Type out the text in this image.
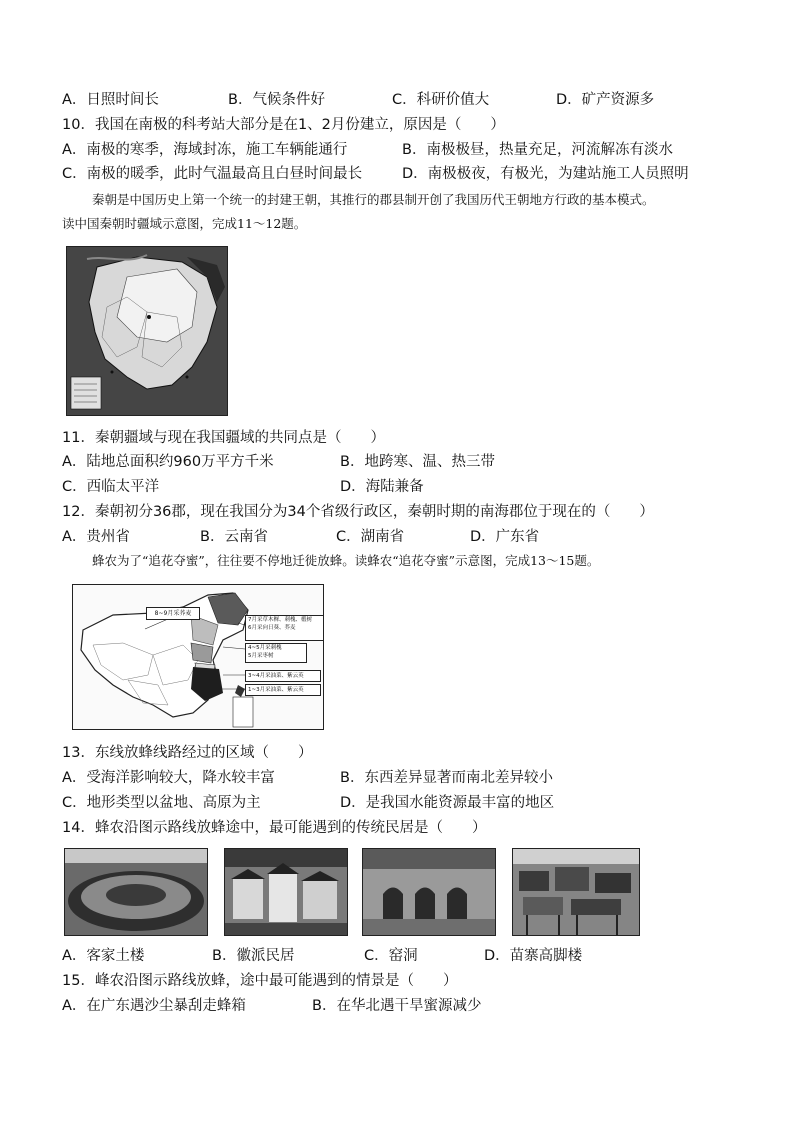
A．日照时间长	B．气候条件好	C．科研价值大	D．矿产资源多
10．我国在南极的科考站大部分是在1、2月份建立，原因是（　　）
A．南极的寒季，海域封冻，施工车辆能通行	B．南极极昼，热量充足，河流解冻有淡水
C．南极的暖季，此时气温最高且白昼时间最长	D．南极极夜，有极光，为建站施工人员照明
秦朝是中国历史上第一个统一的封建王朝，其推行的郡县制开创了我国历代王朝地方行政的基本模式。
读中国秦朝时疆域示意图，完成11～12题。
11．秦朝疆域与现在我国疆域的共同点是（　　）
A．陆地总面积约960万平方千米	B．地跨寒、温、热三带
C．西临太平洋	D．海陆兼备
12．秦朝初分36郡，现在我国分为34个省级行政区，秦朝时期的南海郡位于现在的（　　）
A．贵州省	B．云南省	C．湖南省	D．广东省
蜂农为了“追花夺蜜”，往往要不停地迁徙放蜂。读蜂农“追花夺蜜”示意图，完成13～15题。
8~9月采荞麦
7月采草木樨、刺槐、椴树
6月采向日葵、荞麦
4~5月采刺槐
5月采枣树
3~4月采油菜、紫云英
1~3月采油菜、紫云英
13．东线放蜂线路经过的区域（　　）
A．受海洋影响较大，降水较丰富	B．东西差异显著而南北差异较小
C．地形类型以盆地、高原为主	D．是我国水能资源最丰富的地区
14．蜂农沿图示路线放蜂途中，最可能遇到的传统民居是（　　）
A．客家土楼	B．徽派民居	C．窑洞	D．苗寨高脚楼
15．峰农沿图示路线放蜂，途中最可能遇到的情景是（　　）
A．在广东遇沙尘暴刮走蜂箱	B．在华北遇干旱蜜源减少
